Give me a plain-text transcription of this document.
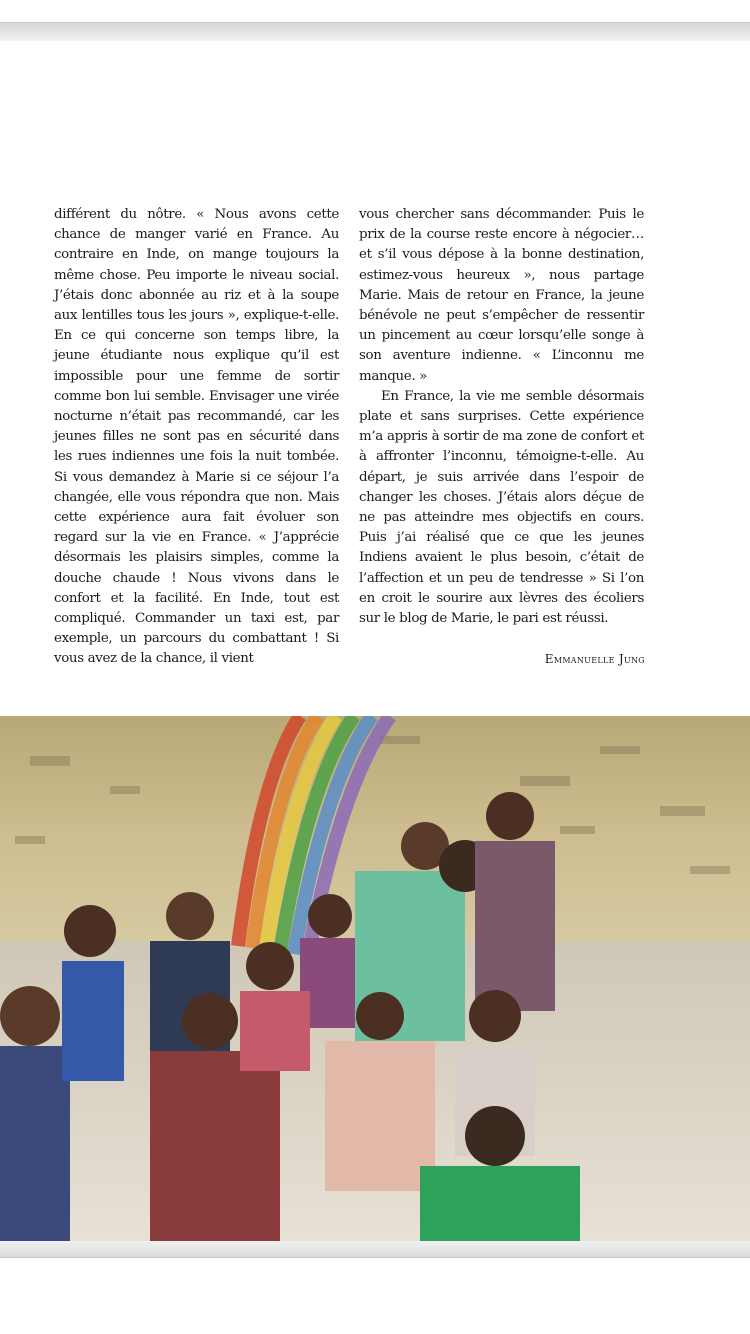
différent du nôtre. « Nous avons cette chance de manger varié en France. Au contraire en Inde, on mange toujours la même chose. Peu importe le niveau social. J’étais donc abonnée au riz et à la soupe aux lentilles tous les jours », explique-t-elle. En ce qui concerne son temps libre, la jeune étudiante nous explique qu’il est impossible pour une femme de sortir comme bon lui semble. Envisager une virée nocturne n’était pas recommandé, car les jeunes filles ne sont pas en sécurité dans les rues indiennes une fois la nuit tombée. Si vous demandez à Marie si ce séjour l’a changée, elle vous répondra que non. Mais cette expérience aura fait évoluer son regard sur la vie en France. « J’apprécie désormais les plaisirs simples, comme la douche chaude ! Nous vivons dans le confort et la facilité. En Inde, tout est compliqué. Commander un taxi est, par exemple, un parcours du combattant ! Si vous avez de la chance, il vient

vous chercher sans décommander. Puis le prix de la course reste encore à négocier… et s’il vous dépose à la bonne destination, estimez-vous heureux », nous partage Marie. Mais de retour en France, la jeune bénévole ne peut s’empêcher de ressentir un pincement au cœur lorsqu’elle songe à son aventure indienne. « L’inconnu me manque. »

En France, la vie me semble désormais plate et sans surprises. Cette expérience m’a appris à sortir de ma zone de confort et à affronter l’inconnu, témoigne-t-elle. Au départ, je suis arrivée dans l’espoir de changer les choses. J’étais alors déçue de ne pas atteindre mes objectifs en cours. Puis j’ai réalisé que ce que les jeunes Indiens avaient le plus besoin, c’était de l’affection et un peu de tendresse » Si l’on en croit le sourire aux lèvres des écoliers sur le blog de Marie, le pari est réussi.

Emmanuelle Jung
